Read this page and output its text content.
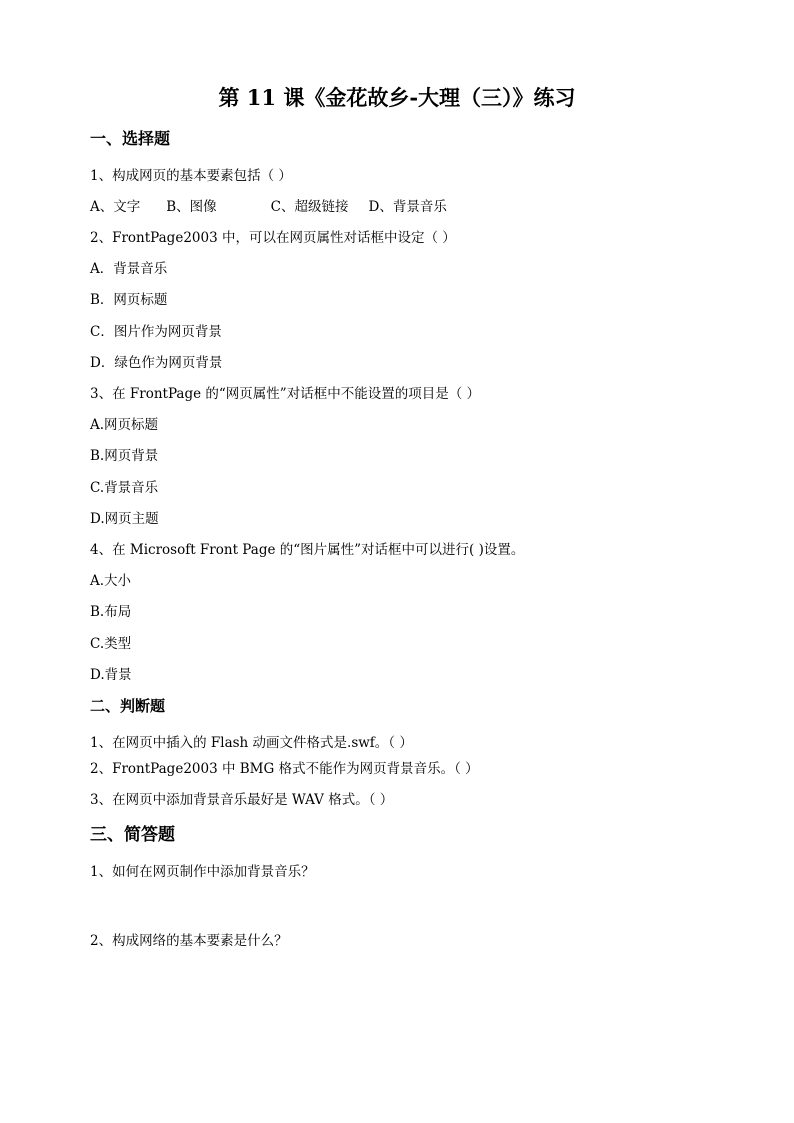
第 11 课《金花故乡-大理（三）》练习
一、选择题
1、构成网页的基本要素包括（ ）
A、文字 B、图像	C、超级链接 D、背景音乐
2、FrontPage2003 中，可以在网页属性对话框中设定（ ）
A．背景音乐
B．网页标题
C．图片作为网页背景
D．绿色作为网页背景
3、在 FrontPage 的“网页属性”对话框中不能设置的项目是（ ）
A.网页标题
B.网页背景
C.背景音乐
D.网页主题
4、在 Microsoft Front Page 的“图片属性”对话框中可以进行( )设置。
A.大小
B.布局
C.类型
D.背景
二、判断题
1、在网页中插入的 Flash 动画文件格式是.swf。（ ）
2、FrontPage2003 中 BMG 格式不能作为网页背景音乐。（ ）
3、在网页中添加背景音乐最好是 WAV 格式。（ ）
三、简答题
1、如何在网页制作中添加背景音乐？
2、构成网络的基本要素是什么？
